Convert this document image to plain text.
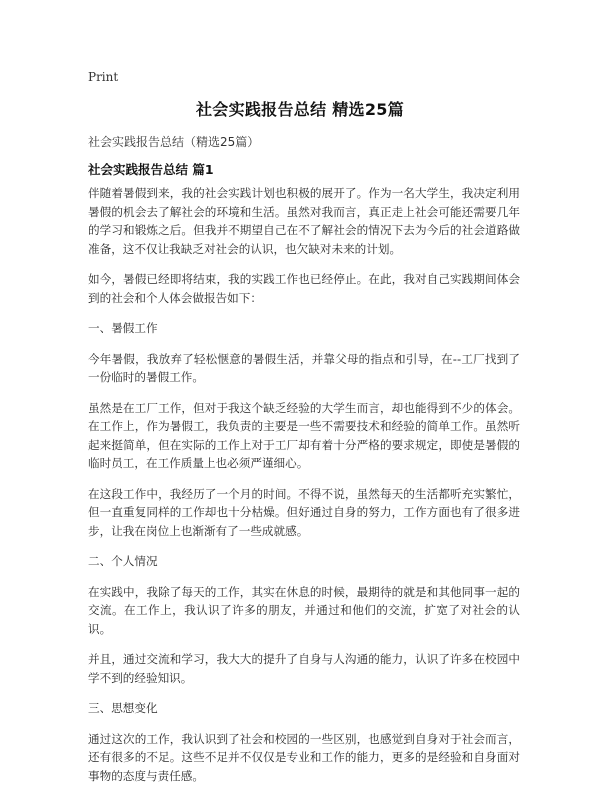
Print
社会实践报告总结 精选25篇
社会实践报告总结（精选25篇）
社会实践报告总结 篇1

伴随着暑假到来，我的社会实践计划也积极的展开了。作为一名大学生，我决定利用暑假的机会去了解社会的环境和生活。虽然对我而言，真正走上社会可能还需要几年的学习和锻炼之后。但我并不期望自己在不了解社会的情况下去为今后的社会道路做准备，这不仅让我缺乏对社会的认识，也欠缺对未来的计划。

如今，暑假已经即将结束，我的实践工作也已经停止。在此，我对自己实践期间体会到的社会和个人体会做报告如下：

一、暑假工作

今年暑假，我放弃了轻松惬意的暑假生活，并靠父母的指点和引导，在--工厂找到了一份临时的暑假工作。

虽然是在工厂工作，但对于我这个缺乏经验的大学生而言，却也能得到不少的体会。在工作上，作为暑假工，我负责的主要是一些不需要技术和经验的简单工作。虽然听起来挺简单，但在实际的工作上对于工厂却有着十分严格的要求规定，即使是暑假的临时员工，在工作质量上也必须严谨细心。

在这段工作中，我经历了一个月的时间。不得不说，虽然每天的生活都听充实繁忙，但一直重复同样的工作却也十分枯燥。但好通过自身的努力，工作方面也有了很多进步，让我在岗位上也渐渐有了一些成就感。

二、个人情况

在实践中，我除了每天的工作，其实在休息的时候，最期待的就是和其他同事一起的交流。在工作上，我认识了许多的朋友，并通过和他们的交流，扩宽了对社会的认识。

并且，通过交流和学习，我大大的提升了自身与人沟通的能力，认识了许多在校园中学不到的经验知识。

三、思想变化

通过这次的工作，我认识到了社会和校园的一些区别，也感觉到自身对于社会而言，还有很多的不足。这些不足并不仅仅是专业和工作的能力，更多的是经验和自身面对事物的态度与责任感。
